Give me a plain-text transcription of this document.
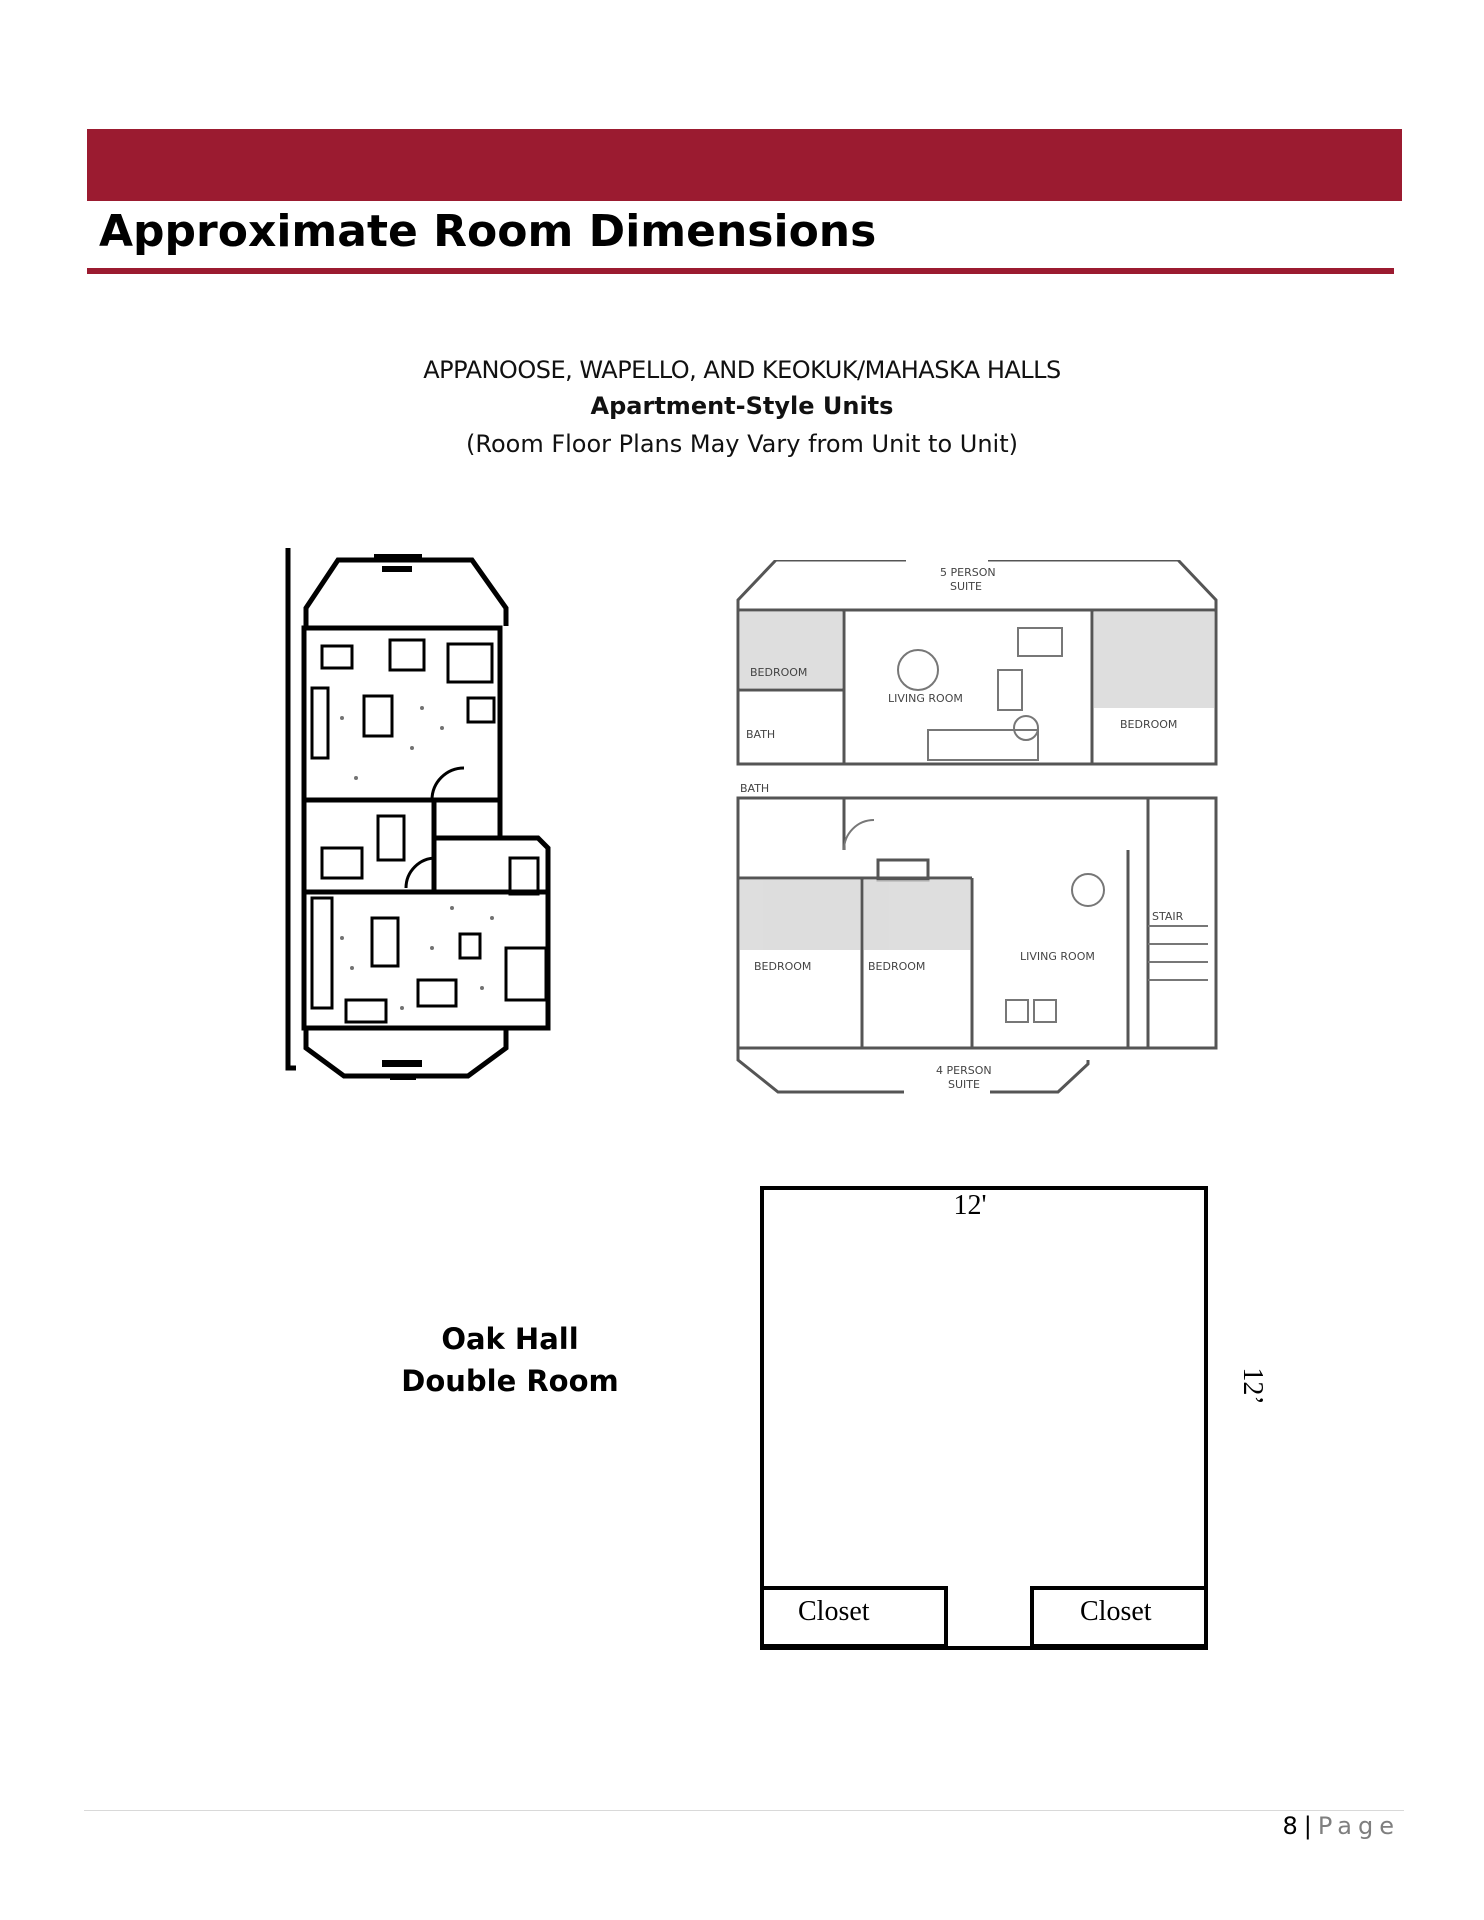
Approximate Room Dimensions
APPANOOSE, WAPELLO, AND KEOKUK/MAHASKA HALLS
Apartment-Style Units
(Room Floor Plans May Vary from Unit to Unit)
5 PERSON
SUITE
BEDROOM
LIVING ROOM
BEDROOM
BATH
BATH
BEDROOM	BEDROOM
LIVING ROOM
STAIR
4 PERSON
SUITE
Oak Hall
Double Room
12'
12’
Closet	Closet
8 | Page
